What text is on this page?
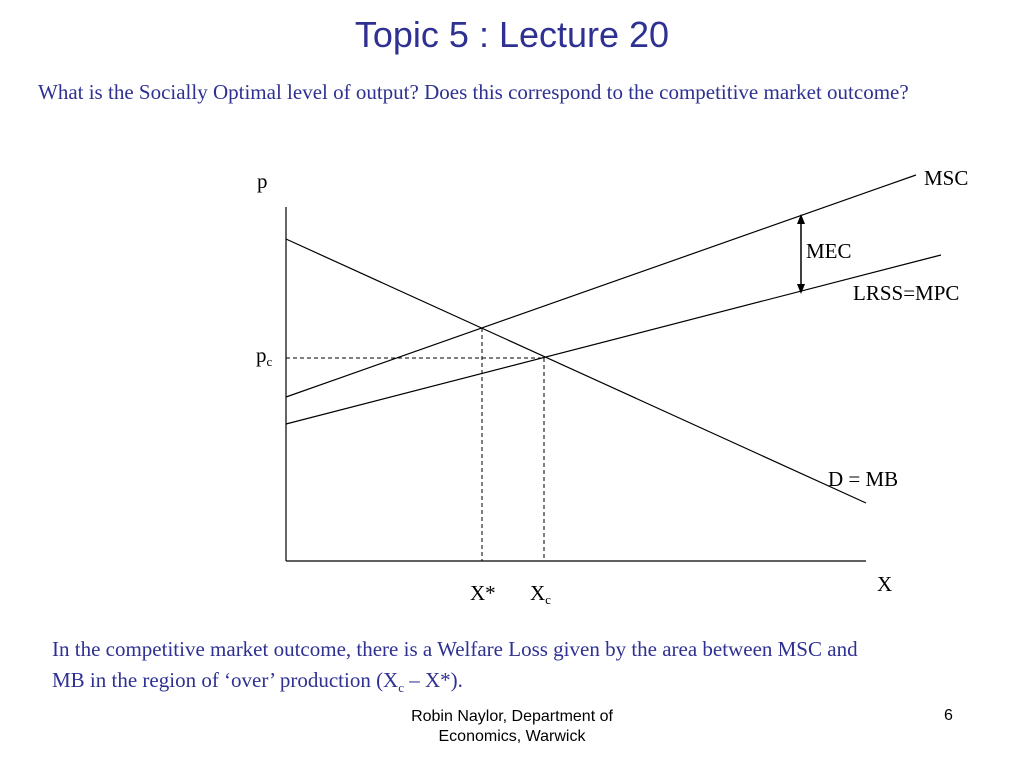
Topic 5 : Lecture 20
What is the Socially Optimal level of output? Does this correspond to the competitive market outcome?
p
X
MSC
MEC
LRSS=MPC
D = MB
pc
X* Xc
In the competitive market outcome, there is a Welfare Loss given by the area between MSC and
MB in the region of ‘over’ production $(X_c - X*)$.
Robin Naylor, Department of
Economics, Warwick
6
